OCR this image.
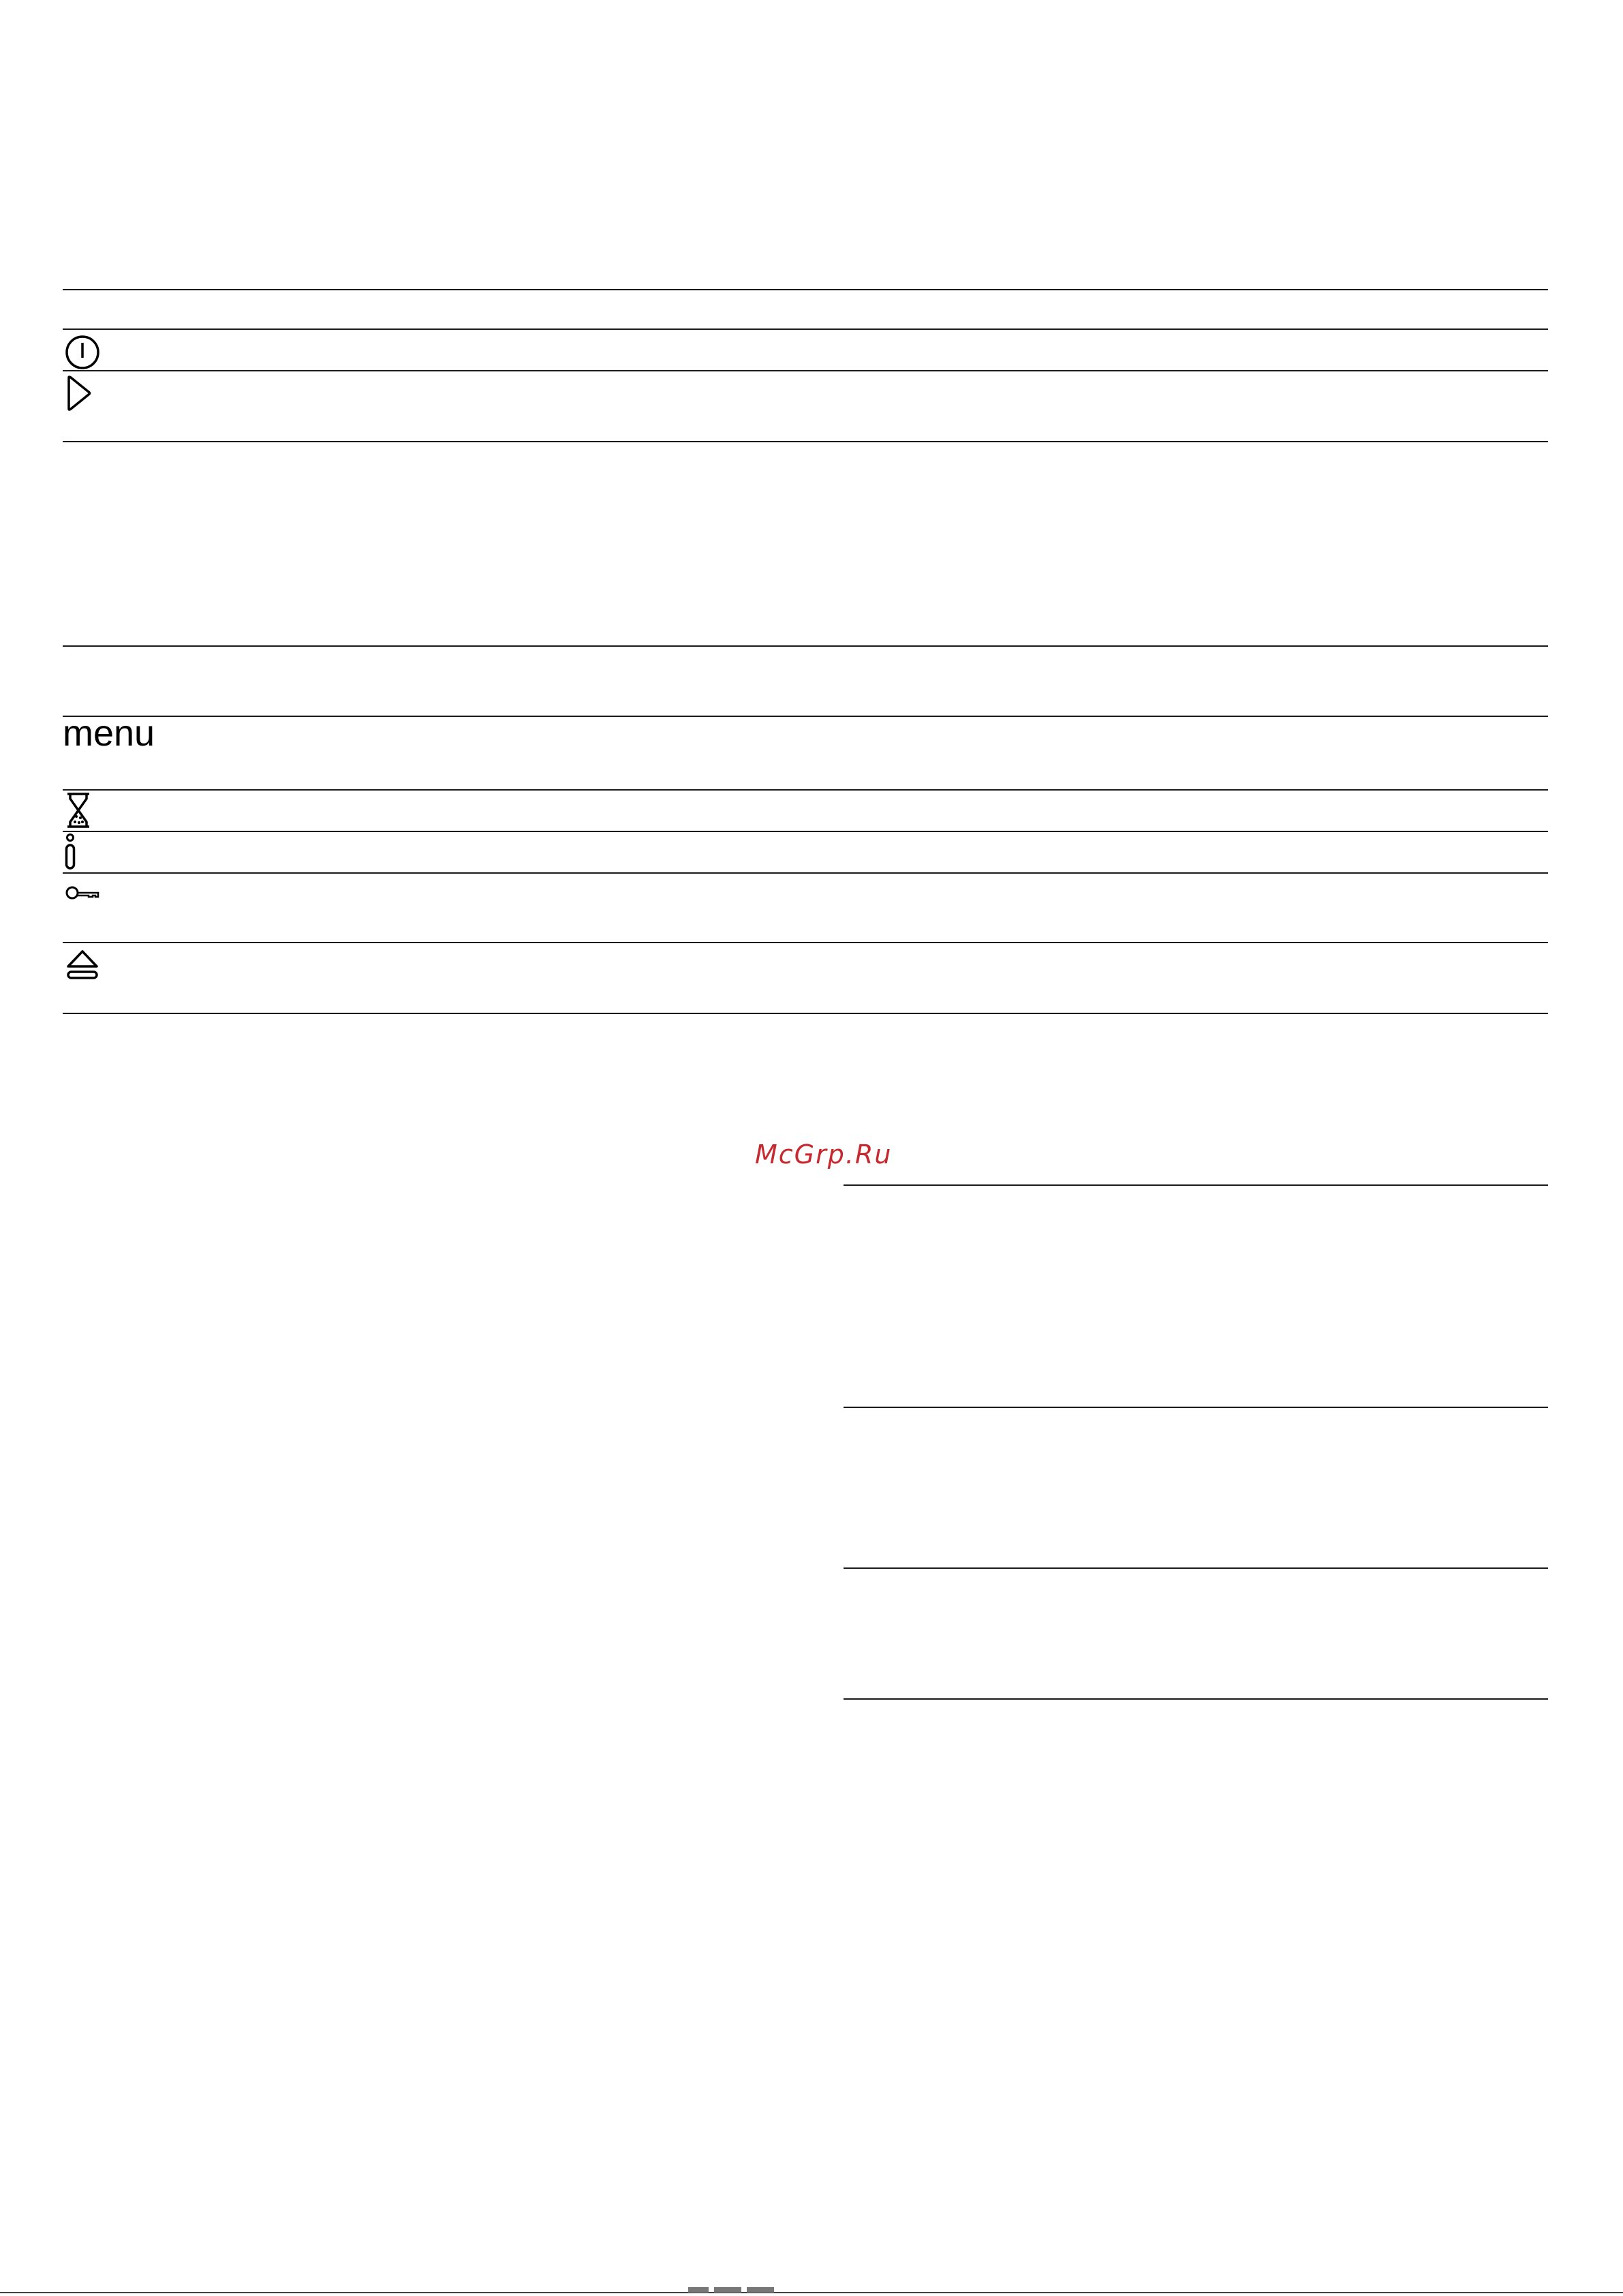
menu
McGrp.Ru
